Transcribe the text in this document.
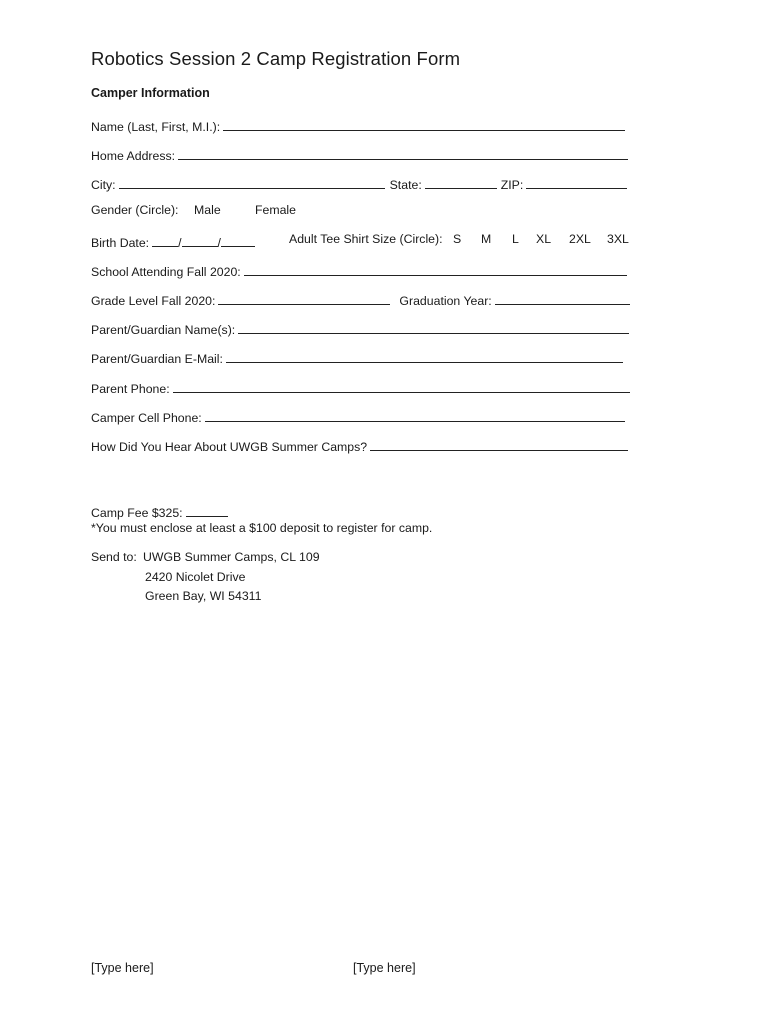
Robotics Session 2 Camp Registration Form
Camper Information
Name (Last, First, M.I.):
Home Address:
City:	State:	ZIP:
Gender (Circle): Male	Female
Birth Date: /	/	Adult Tee Shirt Size (Circle): S M L XL 2XL 3XL
School Attending Fall 2020:
Grade Level Fall 2020:	Graduation Year:
Parent/Guardian Name(s):
Parent/Guardian E-Mail:
Parent Phone:
Camper Cell Phone:
How Did You Hear About UWGB Summer Camps?
Camp Fee $325:
*You must enclose at least a $100 deposit to register for camp.
Send to: UWGB Summer Camps, CL 109
2420 Nicolet Drive
Green Bay, WI 54311
[Type here]	[Type here]
